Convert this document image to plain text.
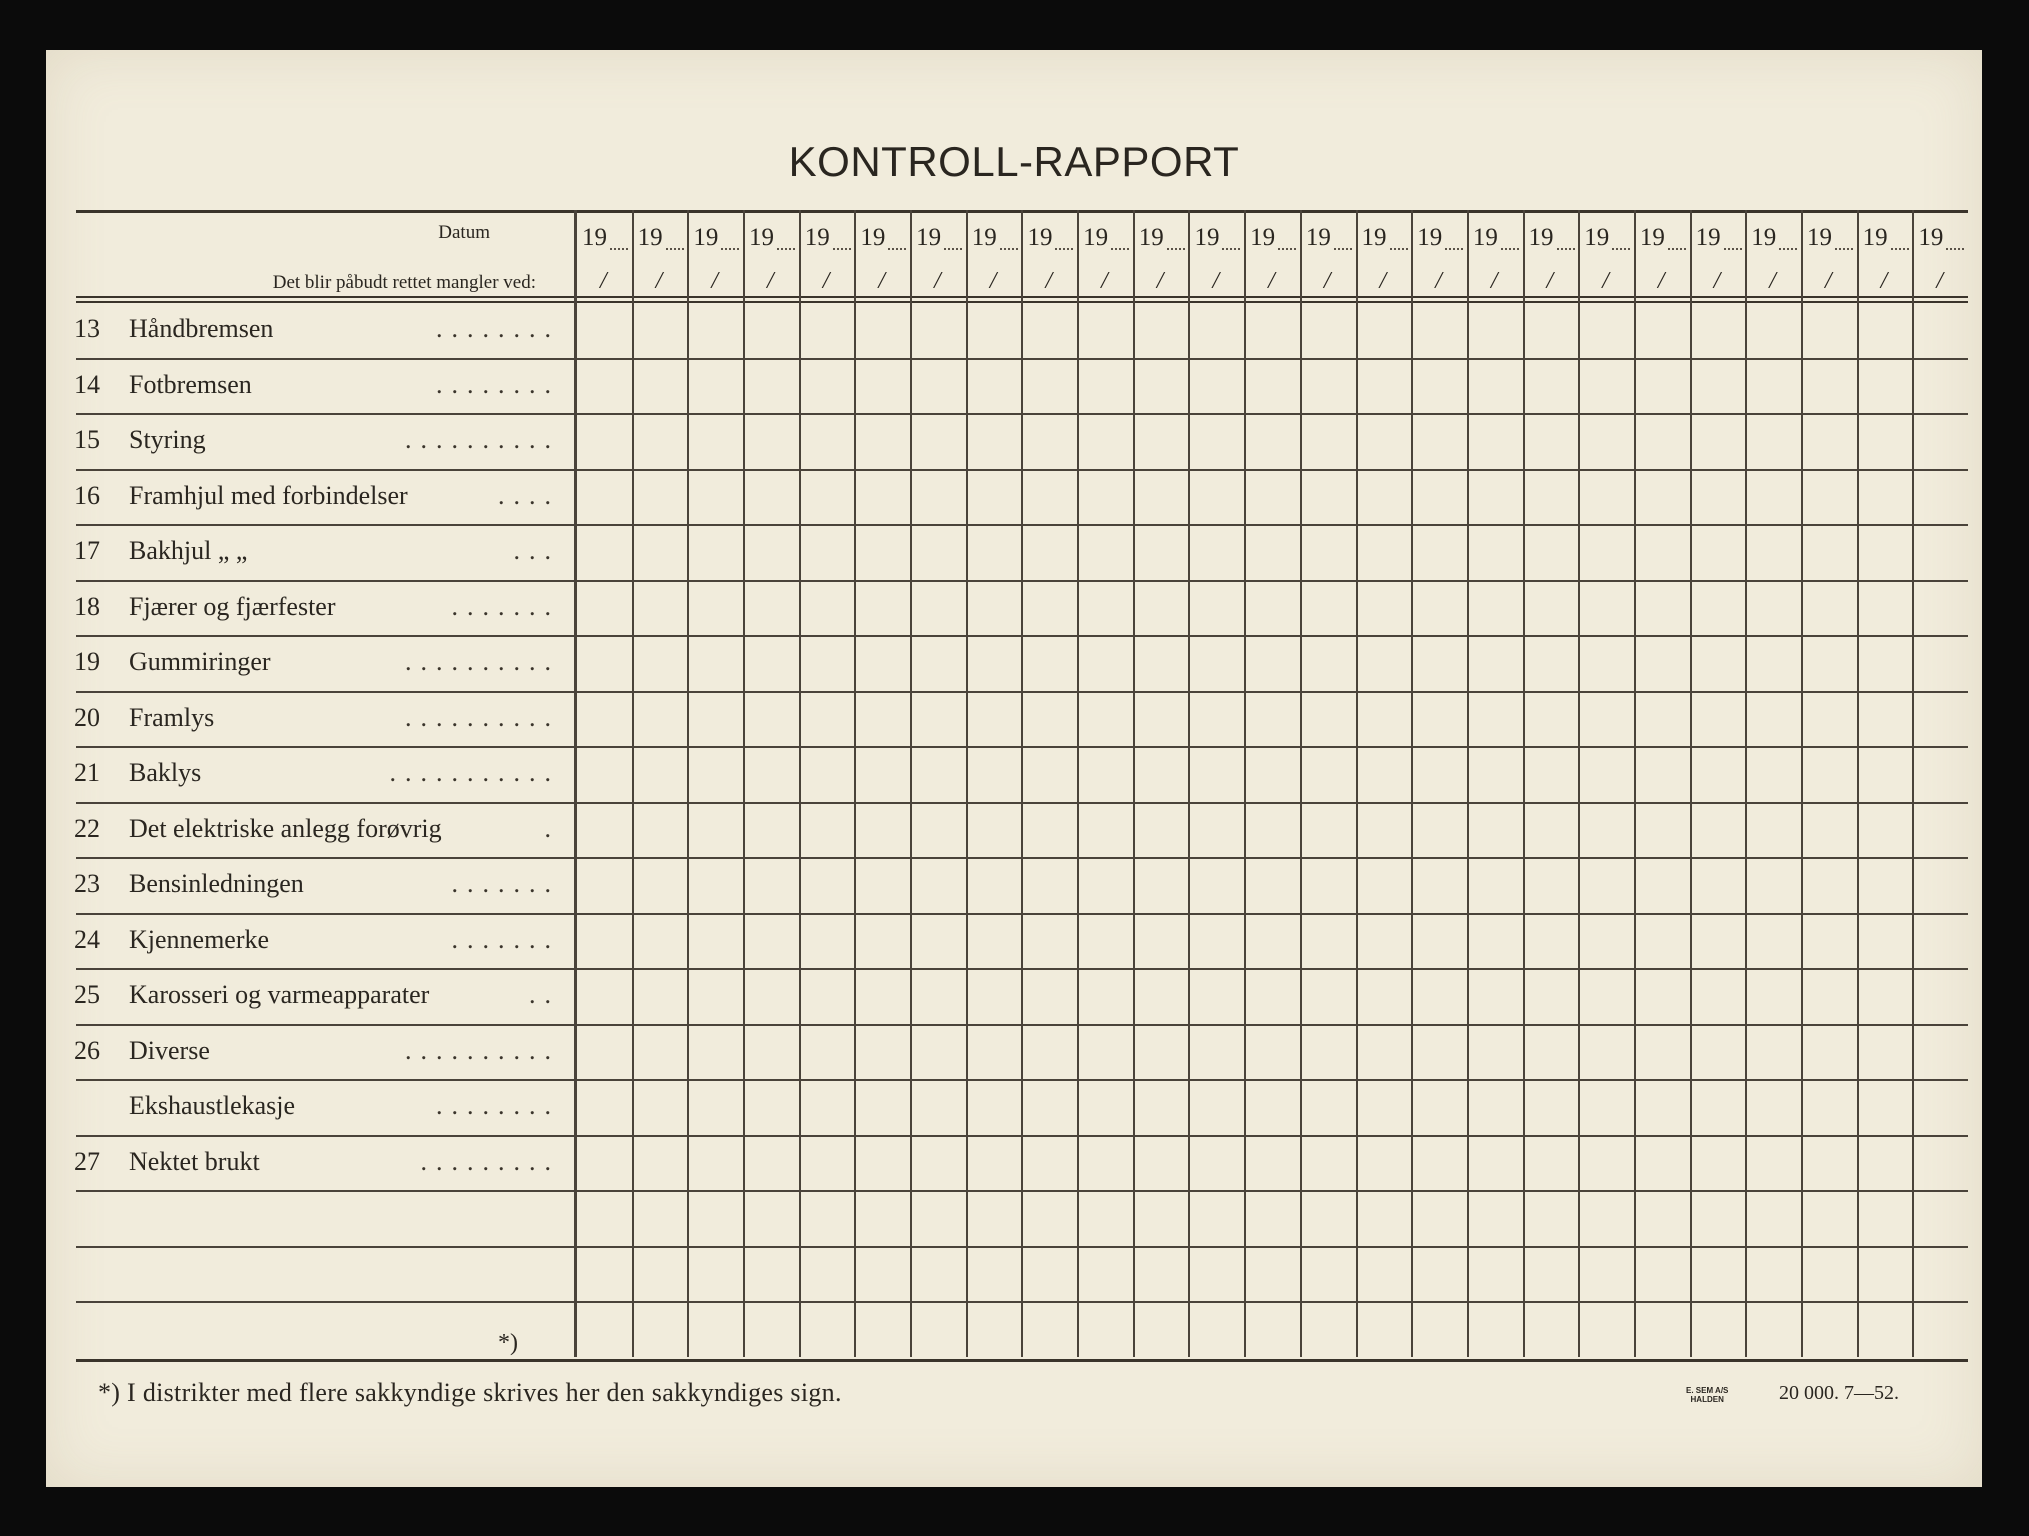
KONTROLL-RAPPORT
Datum
Det blir påbudt rettet mangler ved:
19
/
19
/
19
/
19
/
19
/
19
/
19
/
19
/
19
/
19
/
19
/
19
/
19
/
19
/
19
/
19
/
19
/
19
/
19
/
19
/
19
/
19
/
19
/
19
/
19
/
13 Håndbremsen	........
14 Fotbremsen	........
15 Styring	..........
16 Framhjul med forbindelser	....
17 Bakhjul „ „	...
18 Fjærer og fjærfester	.......
19 Gummiringer	..........
20 Framlys	..........
21 Baklys	...........
22 Det elektriske anlegg forøvrig	.
23 Bensinledningen	.......
24 Kjennemerke	.......
25 Karosseri og varmeapparater	..
26 Diverse	..........
Ekshaustlekasje	........
27 Nektet brukt	.........
*)
*) I distrikter med flere sakkyndige skrives her den sakkyndiges sign.	E. SEM A/S
HALDEN	20 000. 7—52.
